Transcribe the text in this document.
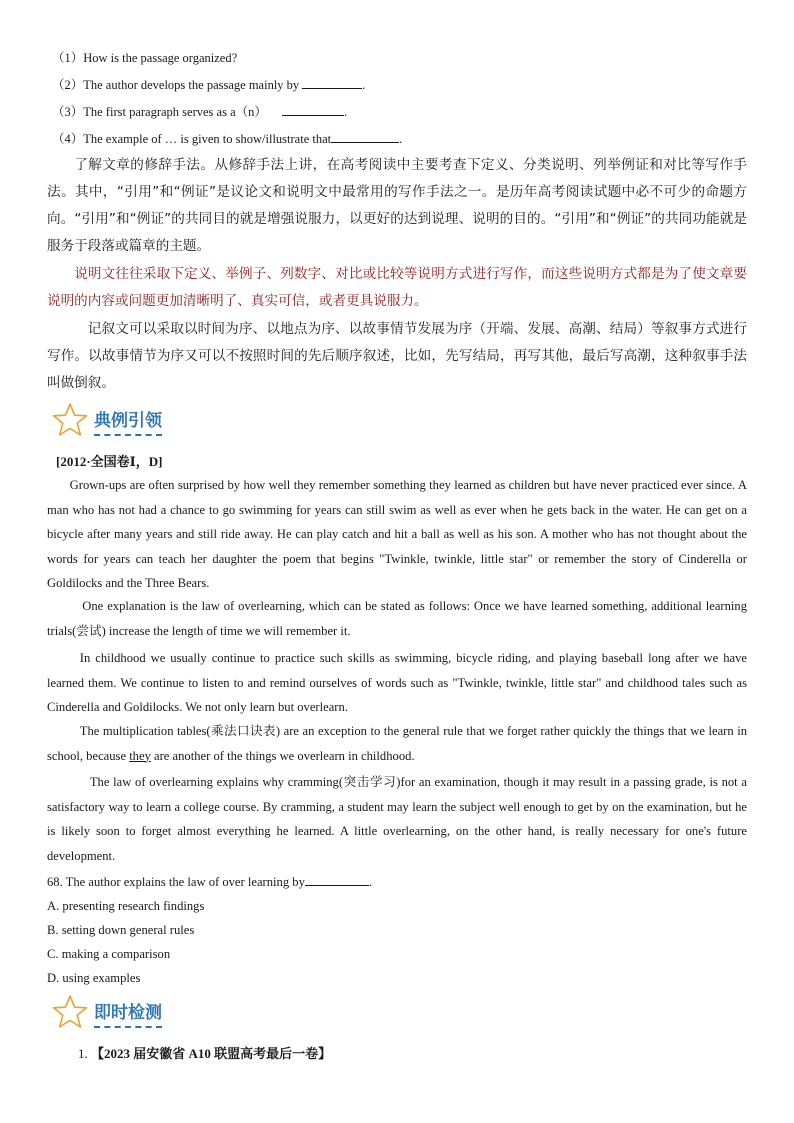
（1）How is the passage organized?
（2）The author develops the passage mainly by	.
（3）The first paragraph serves as a（n）	.
（4）The example of … is given to show/illustrate that	.
了解文章的修辞手法。从修辞手法上讲，在高考阅读中主要考查下定义、分类说明、列举例证和对比等写作手法。其中，“引用”和“例证”是议论文和说明文中最常用的写作手法之一。是历年高考阅读试题中必不可少的命题方向。“引用”和“例证”的共同目的就是增强说服力，以更好的达到说理、说明的目的。“引用”和“例证”的共同功能就是服务于段落或篇章的主题。
说明文往往采取下定义、举例子、列数字、对比或比较等说明方式进行写作，而这些说明方式都是为了使文章要说明的内容或问题更加清晰明了、真实可信，或者更具说服力。
记叙文可以采取以时间为序、以地点为序、以故事情节发展为序（开端、发展、高潮、结局）等叙事方式进行写作。以故事情节为序又可以不按照时间的先后顺序叙述，比如，先写结局，再写其他，最后写高潮，这种叙事手法叫做倒叙。
典例引领
[2012·全国卷Ⅰ，D]
Grown-ups are often surprised by how well they remember something they learned as children but have never practiced ever since. A man who has not had a chance to go swimming for years can still swim as well as ever when he gets back in the water. He can get on a bicycle after many years and still ride away. He can play catch and hit a ball as well as his son. A mother who has not thought about the words for years can teach her daughter the poem that begins "Twinkle, twinkle, little star" or remember the story of Cinderella or Goldilocks and the Three Bears.
One explanation is the law of overlearning, which can be stated as follows: Once we have learned something, additional learning trials(尝试) increase the length of time we will remember it.
In childhood we usually continue to practice such skills as swimming, bicycle riding, and playing baseball long after we have learned them. We continue to listen to and remind ourselves of words such as "Twinkle, twinkle, little star" and childhood tales such as Cinderella and Goldilocks. We not only learn but overlearn.
The multiplication tables(乘法口诀表) are an exception to the general rule that we forget rather quickly the things that we learn in school, because they are another of the things we overlearn in childhood.
The law of overlearning explains why cramming(突击学习)for an examination, though it may result in a passing grade, is not a satisfactory way to learn a college course. By cramming, a student may learn the subject well enough to get by on the examination, but he is likely soon to forget almost everything he learned. A little overlearning, on the other hand, is really necessary for one's future development.
68. The author explains the law of over learning by	.
A. presenting research findings
B. setting down general rules
C. making a comparison
D. using examples
即时检测
1. 【2023 届安徽省 A10 联盟高考最后一卷】
